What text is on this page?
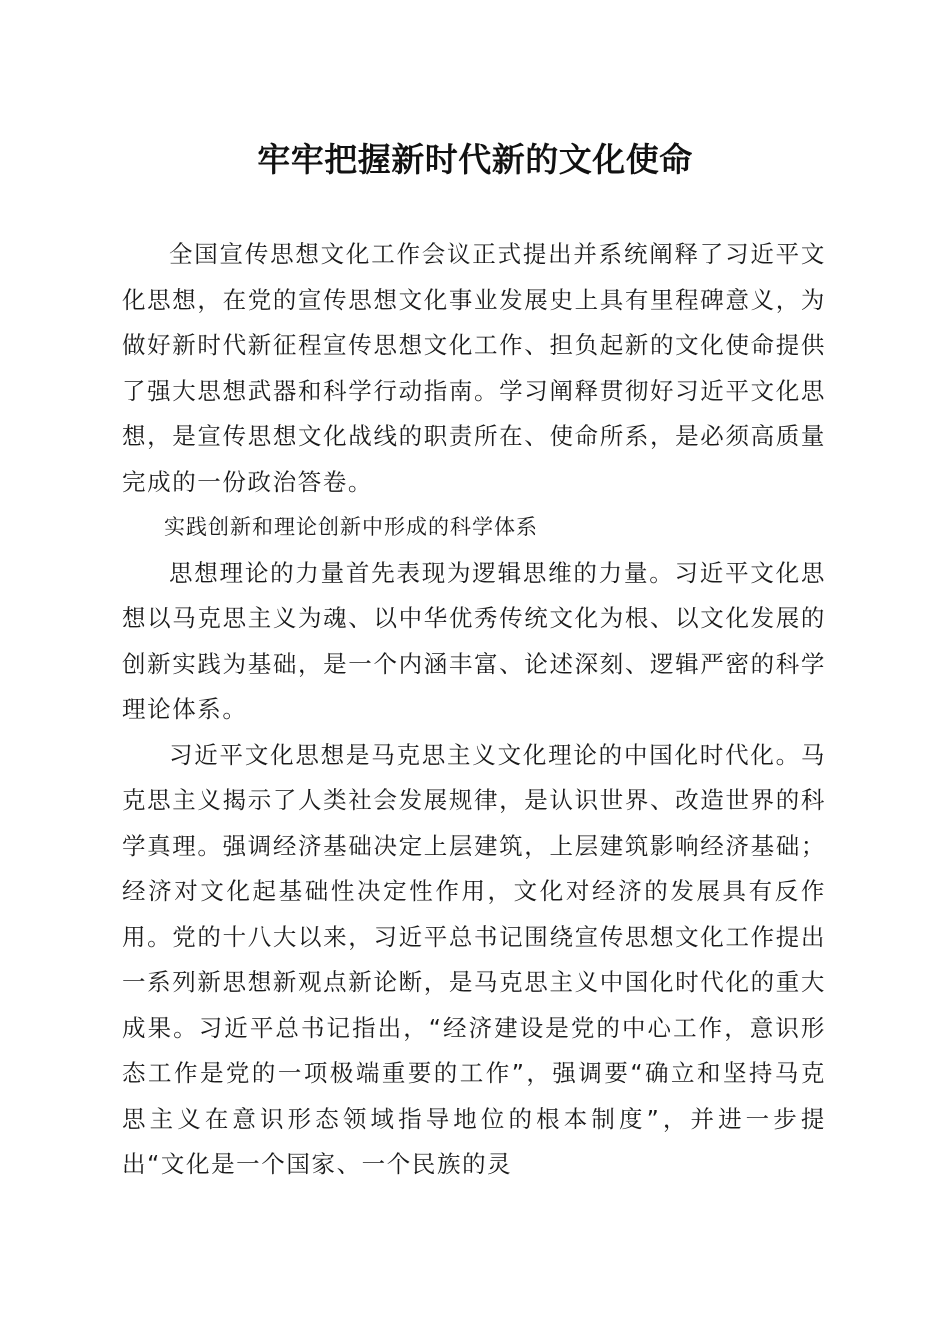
牢牢把握新时代新的文化使命

全国宣传思想文化工作会议正式提出并系统阐释了习近平文化思想，在党的宣传思想文化事业发展史上具有里程碑意义，为做好新时代新征程宣传思想文化工作、担负起新的文化使命提供了强大思想武器和科学行动指南。学习阐释贯彻好习近平文化思想，是宣传思想文化战线的职责所在、使命所系，是必须高质量完成的一份政治答卷。

实践创新和理论创新中形成的科学体系

思想理论的力量首先表现为逻辑思维的力量。习近平文化思想以马克思主义为魂、以中华优秀传统文化为根、以文化发展的创新实践为基础，是一个内涵丰富、论述深刻、逻辑严密的科学理论体系。

习近平文化思想是马克思主义文化理论的中国化时代化。马克思主义揭示了人类社会发展规律，是认识世界、改造世界的科学真理。强调经济基础决定上层建筑，上层建筑影响经济基础；经济对文化起基础性决定性作用，文化对经济的发展具有反作用。党的十八大以来，习近平总书记围绕宣传思想文化工作提出一系列新思想新观点新论断，是马克思主义中国化时代化的重大成果。习近平总书记指出，“经济建设是党的中心工作，意识形态工作是党的一项极端重要的工作”，强调要“确立和坚持马克思主义在意识形态领域指导地位的根本制度”，并进一步提出“文化是一个国家、一个民族的灵
